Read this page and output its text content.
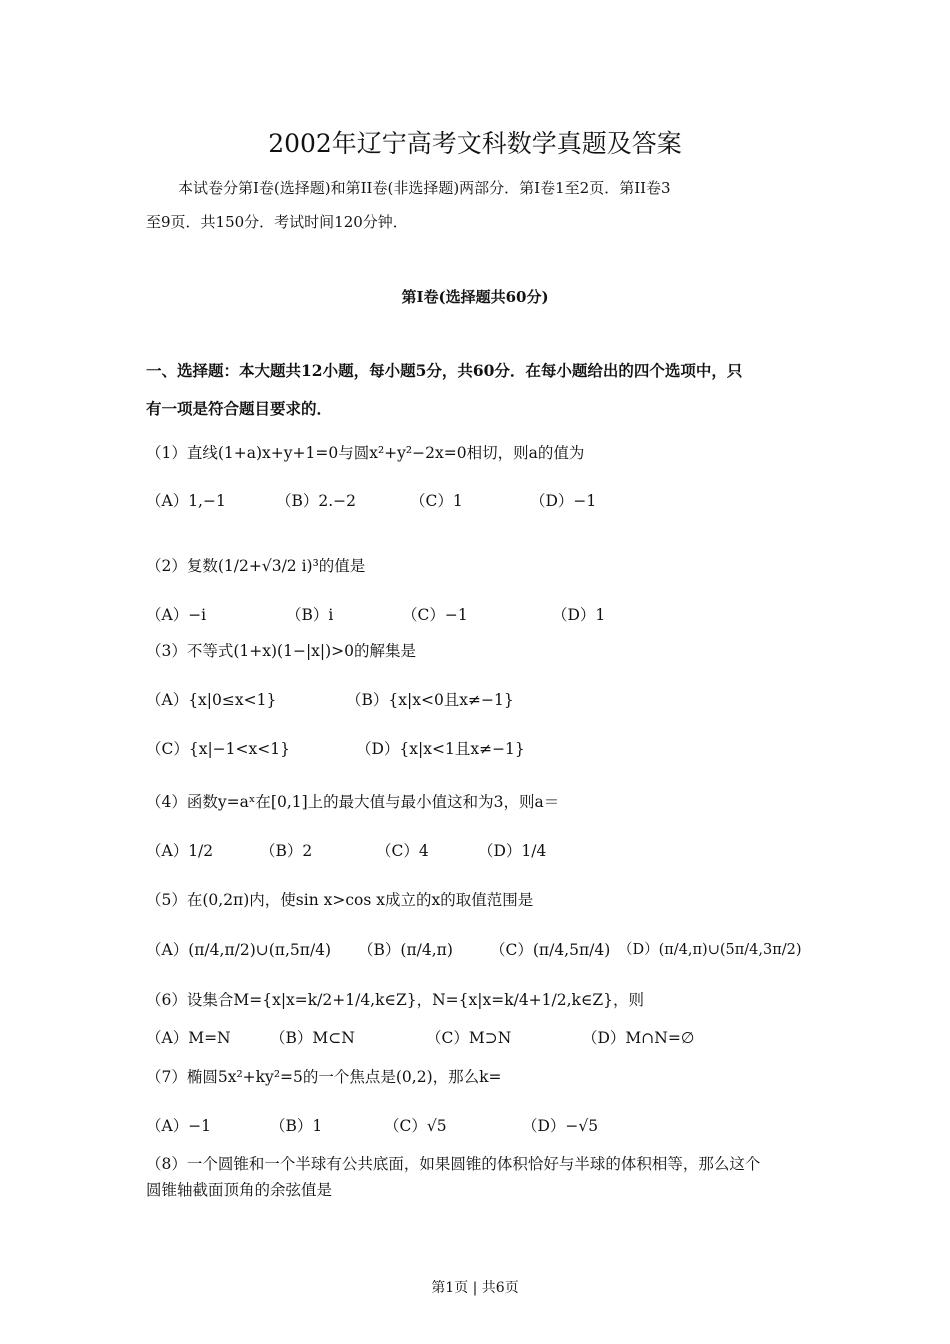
2002年辽宁高考文科数学真题及答案
本试卷分第Ⅰ卷(选择题)和第II卷(非选择题)两部分．第Ⅰ卷1至2页．第II卷3
至9页．共150分．考试时间120分钟．
第Ⅰ卷(选择题共60分)
一、选择题：本大题共12小题，每小题5分，共60分．在每小题给出的四个选项中，只
有一项是符合题目要求的．
（1）直线(1+a)x+y+1=0与圆x²+y²−2x=0相切，则a的值为
（A）1,−1	（B）2.−2	（C）1	（D）−1
（2）复数(1/2+√3/2 i)³的值是
（A）−i	（B）i	（C）−1	（D）1
（3）不等式(1+x)(1−|x|)>0的解集是
（A）{x|0≤x<1}	（B）{x|x<0且x≠−1}
（C）{x|−1<x<1}	（D）{x|x<1且x≠−1}
（4）函数y=aˣ在[0,1]上的最大值与最小值这和为3，则a＝
（A）1/2	（B）2	（C）4	（D）1/4
（5）在(0,2π)内，使sin x>cos x成立的x的取值范围是
（A）(π/4,π/2)∪(π,5π/4) （B）(π/4,π) （C）(π/4,5π/4) （D）(π/4,π)∪(5π/4,3π/2)
（6）设集合M={x|x=k/2+1/4,k∈Z}，N={x|x=k/4+1/2,k∈Z}，则
（A）M=N	（B）M⊂N	（C）M⊃N	（D）M∩N=∅
（7）椭圆5x²+ky²=5的一个焦点是(0,2)，那么k=
（A）−1	（B）1	（C）√5	（D）−√5
（8）一个圆锥和一个半球有公共底面，如果圆锥的体积恰好与半球的体积相等，那么这个
圆锥轴截面顶角的余弦值是
第1页 | 共6页
